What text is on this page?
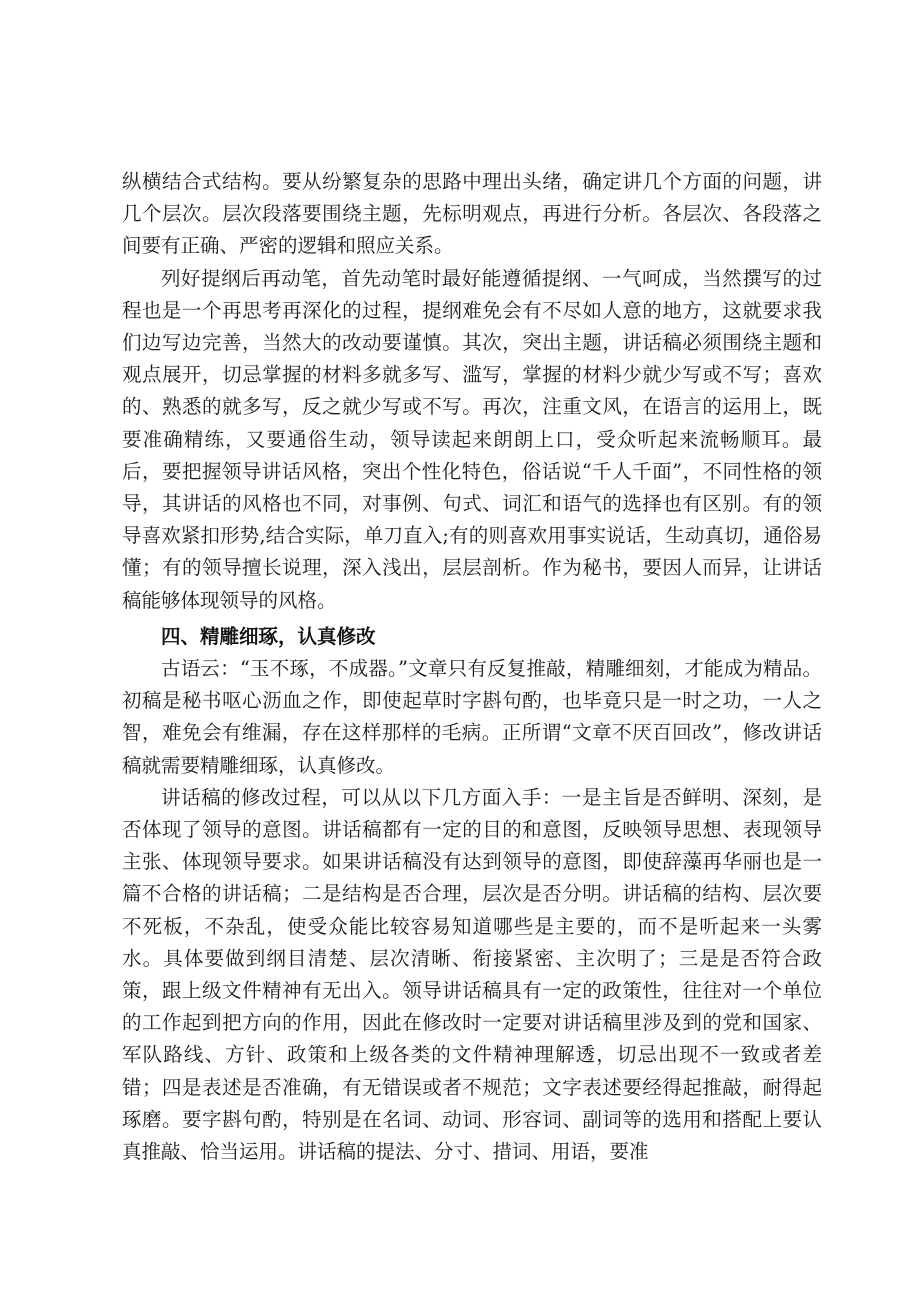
纵横结合式结构。要从纷繁复杂的思路中理出头绪，确定讲几个方面的问题，讲几个层次。层次段落要围绕主题，先标明观点，再进行分析。各层次、各段落之间要有正确、严密的逻辑和照应关系。

列好提纲后再动笔，首先动笔时最好能遵循提纲、一气呵成，当然撰写的过程也是一个再思考再深化的过程，提纲难免会有不尽如人意的地方，这就要求我们边写边完善，当然大的改动要谨慎。其次，突出主题，讲话稿必须围绕主题和观点展开，切忌掌握的材料多就多写、滥写，掌握的材料少就少写或不写；喜欢的、熟悉的就多写，反之就少写或不写。再次，注重文风，在语言的运用上，既要准确精练，又要通俗生动，领导读起来朗朗上口，受众听起来流畅顺耳。最后，要把握领导讲话风格，突出个性化特色，俗话说“千人千面”，不同性格的领导，其讲话的风格也不同，对事例、句式、词汇和语气的选择也有区别。有的领导喜欢紧扣形势,结合实际，单刀直入;有的则喜欢用事实说话，生动真切，通俗易懂；有的领导擅长说理，深入浅出，层层剖析。作为秘书，要因人而异，让讲话稿能够体现领导的风格。

四、精雕细琢，认真修改

古语云：“玉不琢，不成器。”文章只有反复推敲，精雕细刻，才能成为精品。初稿是秘书呕心沥血之作，即使起草时字斟句酌，也毕竟只是一时之功，一人之智，难免会有维漏，存在这样那样的毛病。正所谓“文章不厌百回改”，修改讲话稿就需要精雕细琢，认真修改。

讲话稿的修改过程，可以从以下几方面入手：一是主旨是否鲜明、深刻，是否体现了领导的意图。讲话稿都有一定的目的和意图，反映领导思想、表现领导主张、体现领导要求。如果讲话稿没有达到领导的意图，即使辞藻再华丽也是一篇不合格的讲话稿；二是结构是否合理，层次是否分明。讲话稿的结构、层次要不死板，不杂乱，使受众能比较容易知道哪些是主要的，而不是听起来一头雾水。具体要做到纲目清楚、层次清晰、衔接紧密、主次明了；三是是否符合政策，跟上级文件精神有无出入。领导讲话稿具有一定的政策性，往往对一个单位的工作起到把方向的作用，因此在修改时一定要对讲话稿里涉及到的党和国家、军队路线、方针、政策和上级各类的文件精神理解透，切忌出现不一致或者差错；四是表述是否准确，有无错误或者不规范；文字表述要经得起推敲，耐得起琢磨。要字斟句酌，特别是在名词、动词、形容词、副词等的选用和搭配上要认真推敲、恰当运用。讲话稿的提法、分寸、措词、用语，要准
